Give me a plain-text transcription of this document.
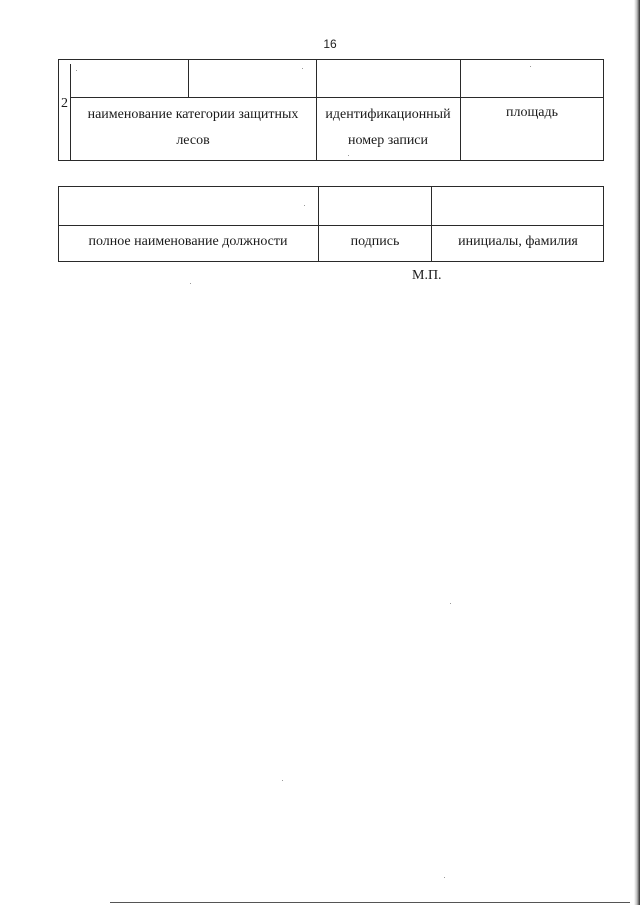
16
2
наименование категории защитных лесов
идентификационный номер записи
площадь
полное наименование должности	подпись	инициалы, фамилия
М.П.
